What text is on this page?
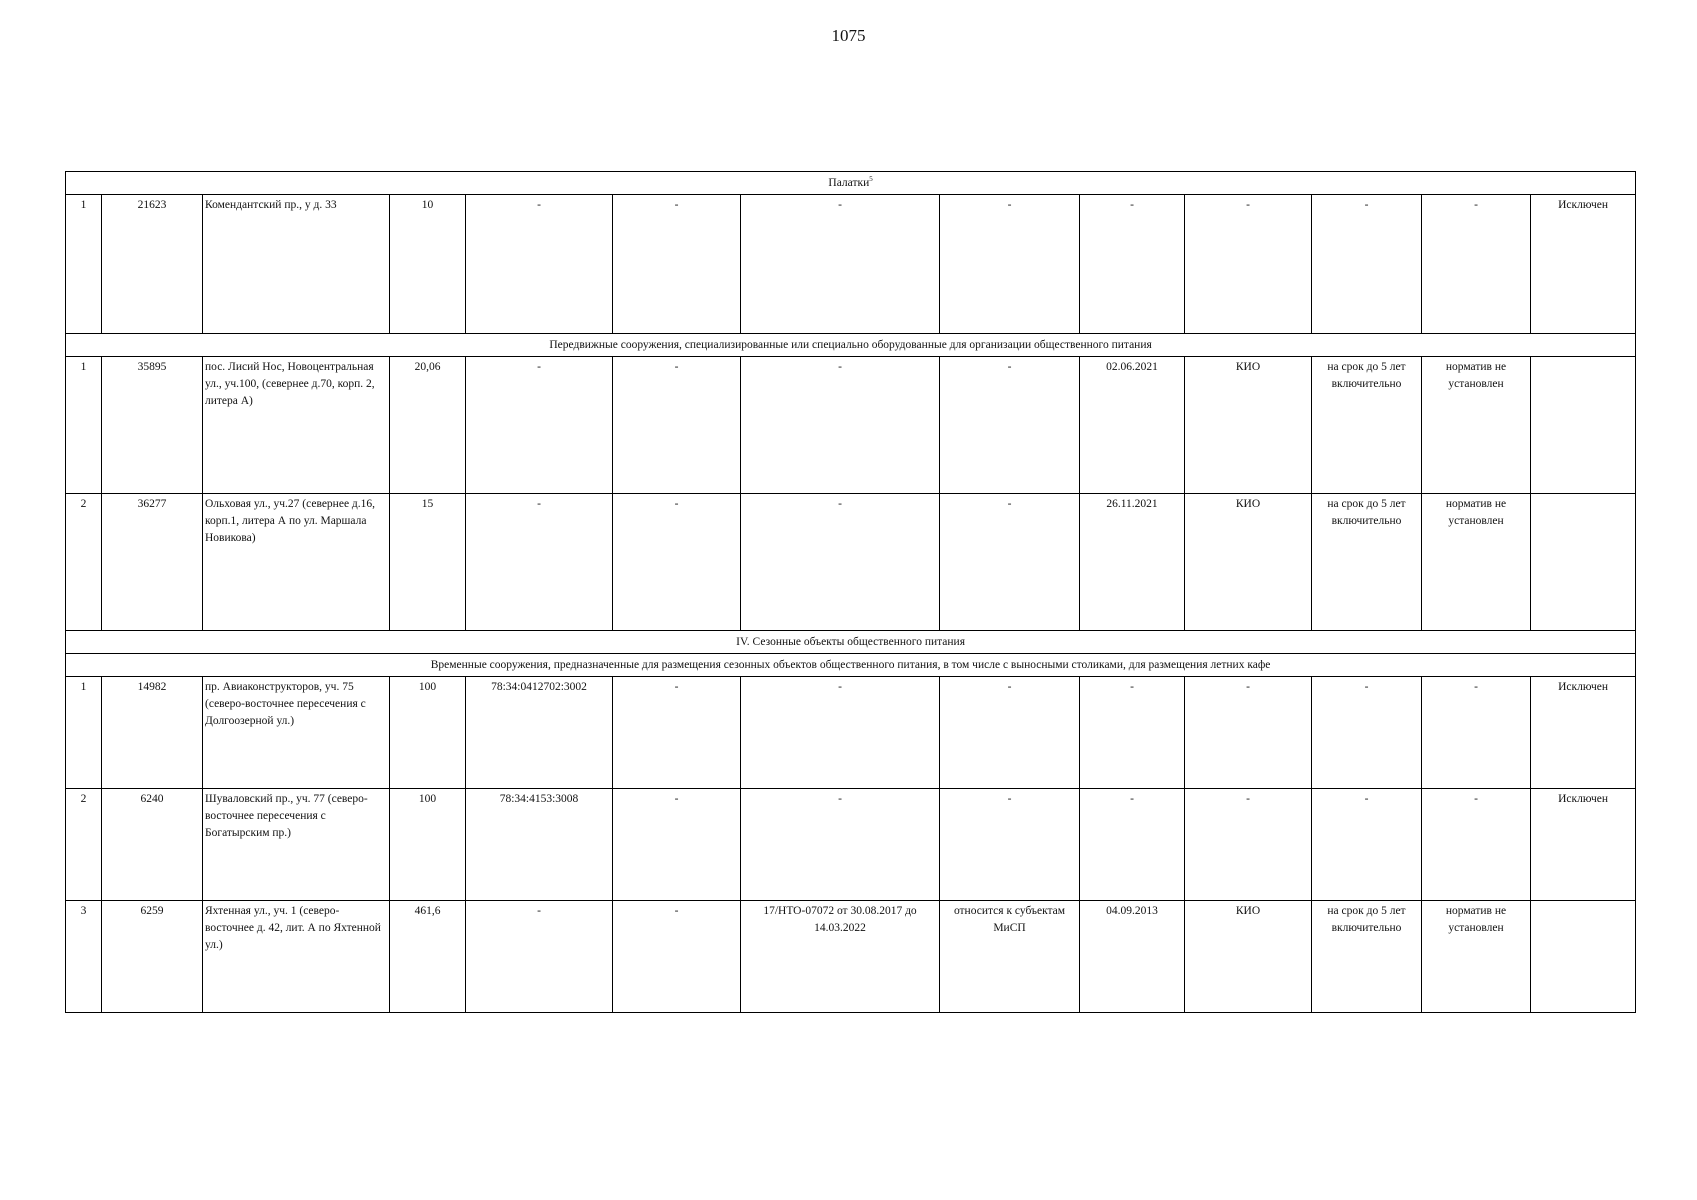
1075
Палатки$^5$
1	21623	Комендантский пр., у д. 33	10	-	-	-	-	-	-	-	-	Исключен
Передвижные сооружения, специализированные или специально оборудованные для организации общественного питания												
1	35895	пос. Лисий Нос, Новоцентральная ул., уч.100, (севернее д.70, корп. 2, литера А)	20,06	-	-	-	-	02.06.2021	КИО	на срок до 5 лет включительно	норматив не установлен	
2	36277	Ольховая ул., уч.27 (севернее д.16, корп.1, литера А по ул. Маршала Новикова)	15	-	-	-	-	26.11.2021	КИО	на срок до 5 лет включительно	норматив не установлен	
IV. Сезонные объекты общественного питания												
Временные сооружения, предназначенные для размещения сезонных объектов общественного питания, в том числе с выносными столиками, для размещения летних кафе												
1	14982	пр. Авиаконструкторов, уч. 75 (северо-восточнее пересечения с Долгоозерной ул.)	100	78:34:0412702:3002	-	-	-	-	-	-	-	Исключен
2	6240	Шуваловский пр., уч. 77 (северо-восточнее пересечения с Богатырским пр.)	100	78:34:4153:3008	-	-	-	-	-	-	-	Исключен
3	6259	Яхтенная ул., уч. 1 (северо-восточнее д. 42, лит. А по Яхтенной ул.)	461,6	-	-	17/НТО-07072 от 30.08.2017 до 14.03.2022	относится к субъектам МиСП	04.09.2013	КИО	на срок до 5 лет включительно	норматив не установлен	
